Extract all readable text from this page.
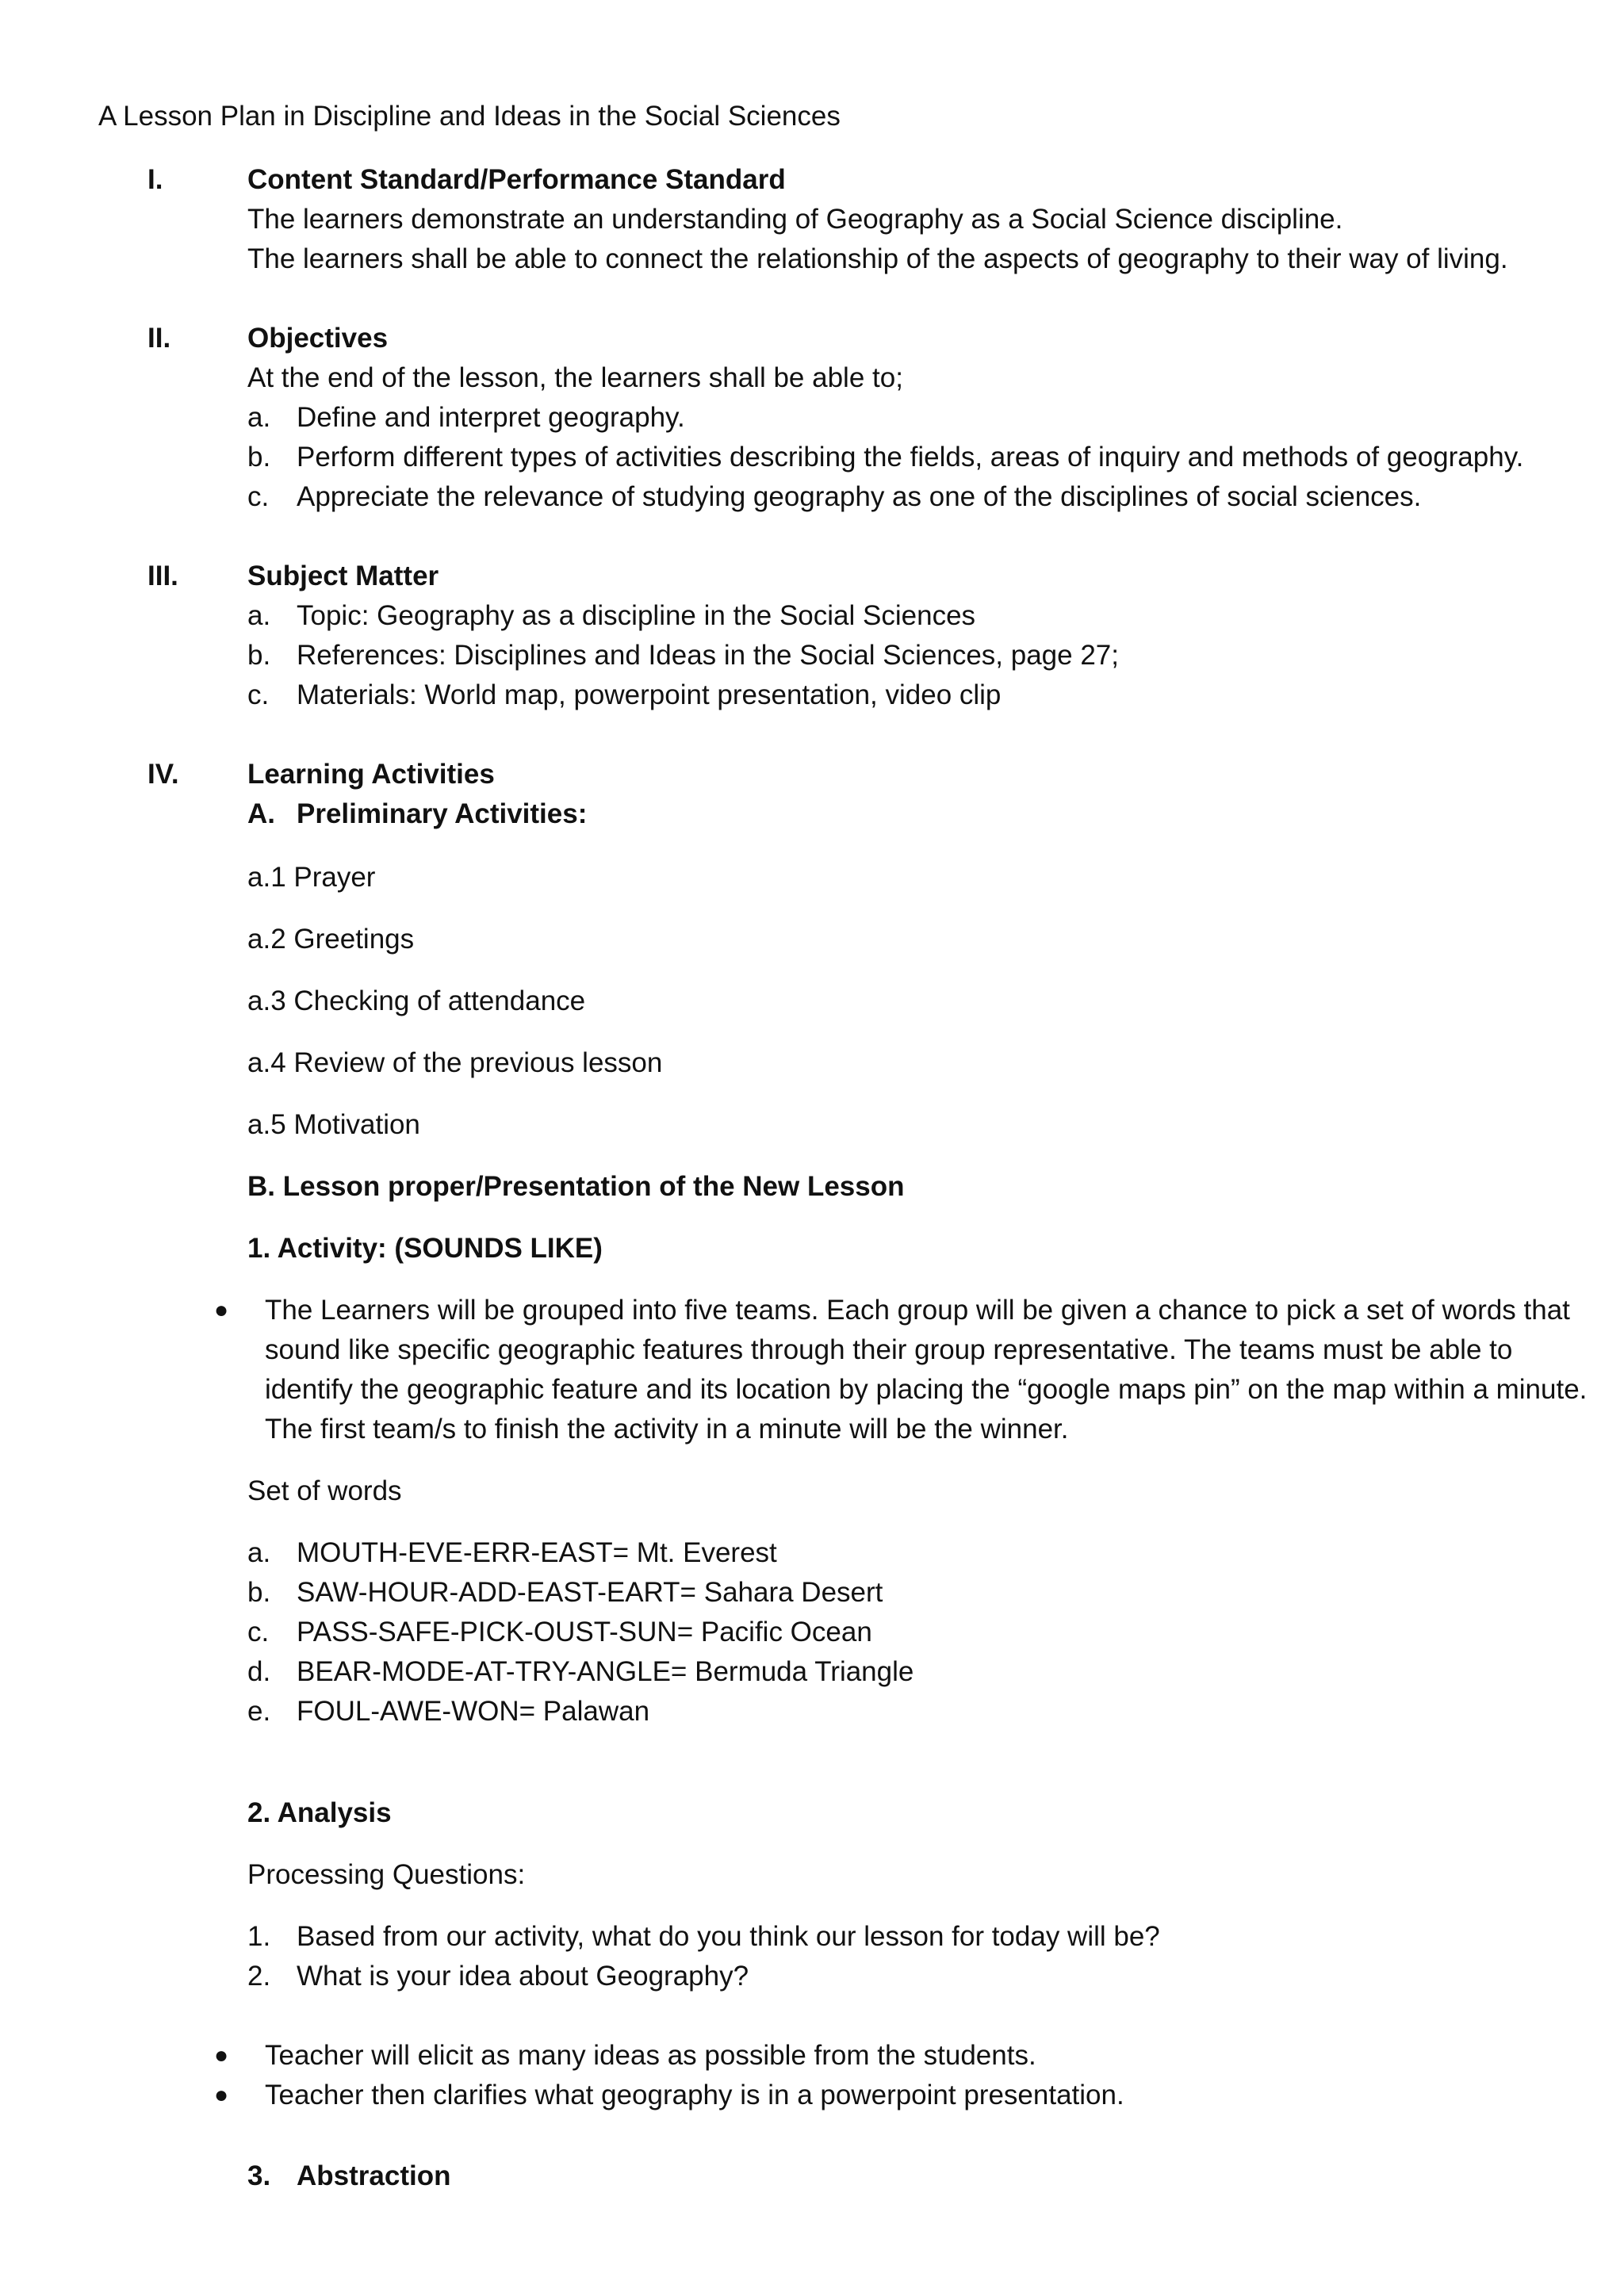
A Lesson Plan in Discipline and Ideas in the Social Sciences
I.	Content Standard/Performance Standard
The learners demonstrate an understanding of Geography as a Social Science discipline.
The learners shall be able to connect the relationship of the aspects of geography to their way of living.
II.	Objectives
At the end of the lesson, the learners shall be able to;
a. Define and interpret geography.
b. Perform different types of activities describing the fields, areas of inquiry and methods of geography.
c. Appreciate the relevance of studying geography as one of the disciplines of social sciences.
III. Subject Matter
a. Topic: Geography as a discipline in the Social Sciences
b. References: Disciplines and Ideas in the Social Sciences, page 27;
c. Materials: World map, powerpoint presentation, video clip
IV. Learning Activities
A. Preliminary Activities:
a.1 Prayer
a.2 Greetings
a.3 Checking of attendance
a.4 Review of the previous lesson
a.5 Motivation
B. Lesson proper/Presentation of the New Lesson
1. Activity: (SOUNDS LIKE)
● The Learners will be grouped into five teams. Each group will be given a chance to pick a set of words that sound like specific geographic features through their group representative. The teams must be able to identify the geographic feature and its location by placing the “google maps pin” on the map within a minute. The first team/s to finish the activity in a minute will be the winner.
Set of words
a. MOUTH-EVE-ERR-EAST= Mt. Everest
b. SAW-HOUR-ADD-EAST-EART= Sahara Desert
c. PASS-SAFE-PICK-OUST-SUN= Pacific Ocean
d. BEAR-MODE-AT-TRY-ANGLE= Bermuda Triangle
e. FOUL-AWE-WON= Palawan
2. Analysis
Processing Questions:
1. Based from our activity, what do you think our lesson for today will be?
2. What is your idea about Geography?
● Teacher will elicit as many ideas as possible from the students.
● Teacher then clarifies what geography is in a powerpoint presentation.
3. Abstraction
